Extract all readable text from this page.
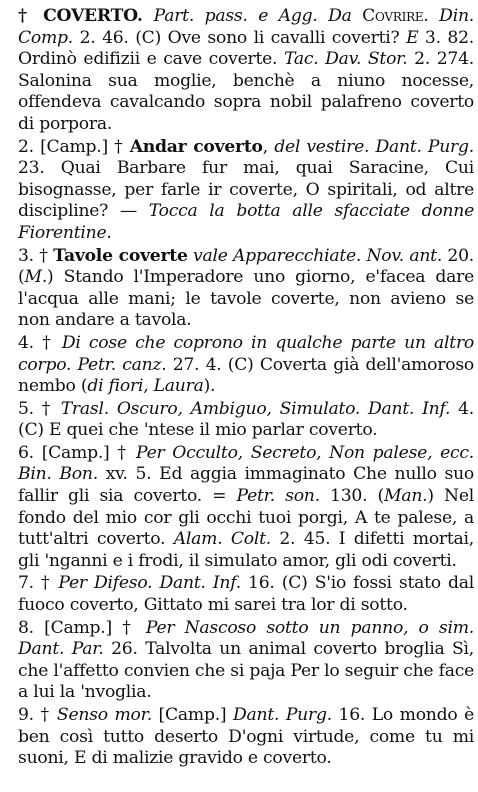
† COVERTO. Part. pass. e Agg. Da Covrire. Din. Comp. 2. 46. (C) Ove sono li cavalli coverti? E 3. 82. Ordinò edifizii e cave coverte. Tac. Dav. Stor. 2. 274. Salonina sua moglie, benchè a niuno nocesse, offendeva cavalcando sopra nobil palafreno coverto di porpora.

2. [Camp.] † Andar coverto, del vestire. Dant. Purg. 23. Quai Barbare fur mai, quai Saracine, Cui bisognasse, per farle ir coverte, O spiritali, od altre discipline? — Tocca la botta alle sfacciate donne Fiorentine.

3. † Tavole coverte vale Apparecchiate. Nov. ant. 20. (M.) Stando l'Imperadore uno giorno, e'facea dare l'acqua alle mani; le tavole coverte, non avieno se non andare a tavola.

4. † Di cose che coprono in qualche parte un altro corpo. Petr. canz. 27. 4. (C) Coverta già dell'amoroso nembo (di fiori, Laura).

5. † Trasl. Oscuro, Ambiguo, Simulato. Dant. Inf. 4. (C) E quei che 'ntese il mio parlar coverto.

6. [Camp.] † Per Occulto, Secreto, Non palese, ecc. Bin. Bon. xv. 5. Ed aggia immaginato Che nullo suo fallir gli sia coverto. = Petr. son. 130. (Man.) Nel fondo del mio cor gli occhi tuoi porgi, A te palese, a tutt'altri coverto. Alam. Colt. 2. 45. I difetti mortai, gli 'nganni e i frodi, il simulato amor, gli odi coverti.

7. † Per Difeso. Dant. Inf. 16. (C) S'io fossi stato dal fuoco coverto, Gittato mi sarei tra lor di sotto.

8. [Camp.] † Per Nascoso sotto un panno, o sim. Dant. Par. 26. Talvolta un animal coverto broglia Sì, che l'affetto convien che si paja Per lo seguir che face a lui la 'nvoglia.

9. † Senso mor. [Camp.] Dant. Purg. 16. Lo mondo è ben così tutto deserto D'ogni virtude, come tu mi suoni, E di malizie gravido e coverto.
